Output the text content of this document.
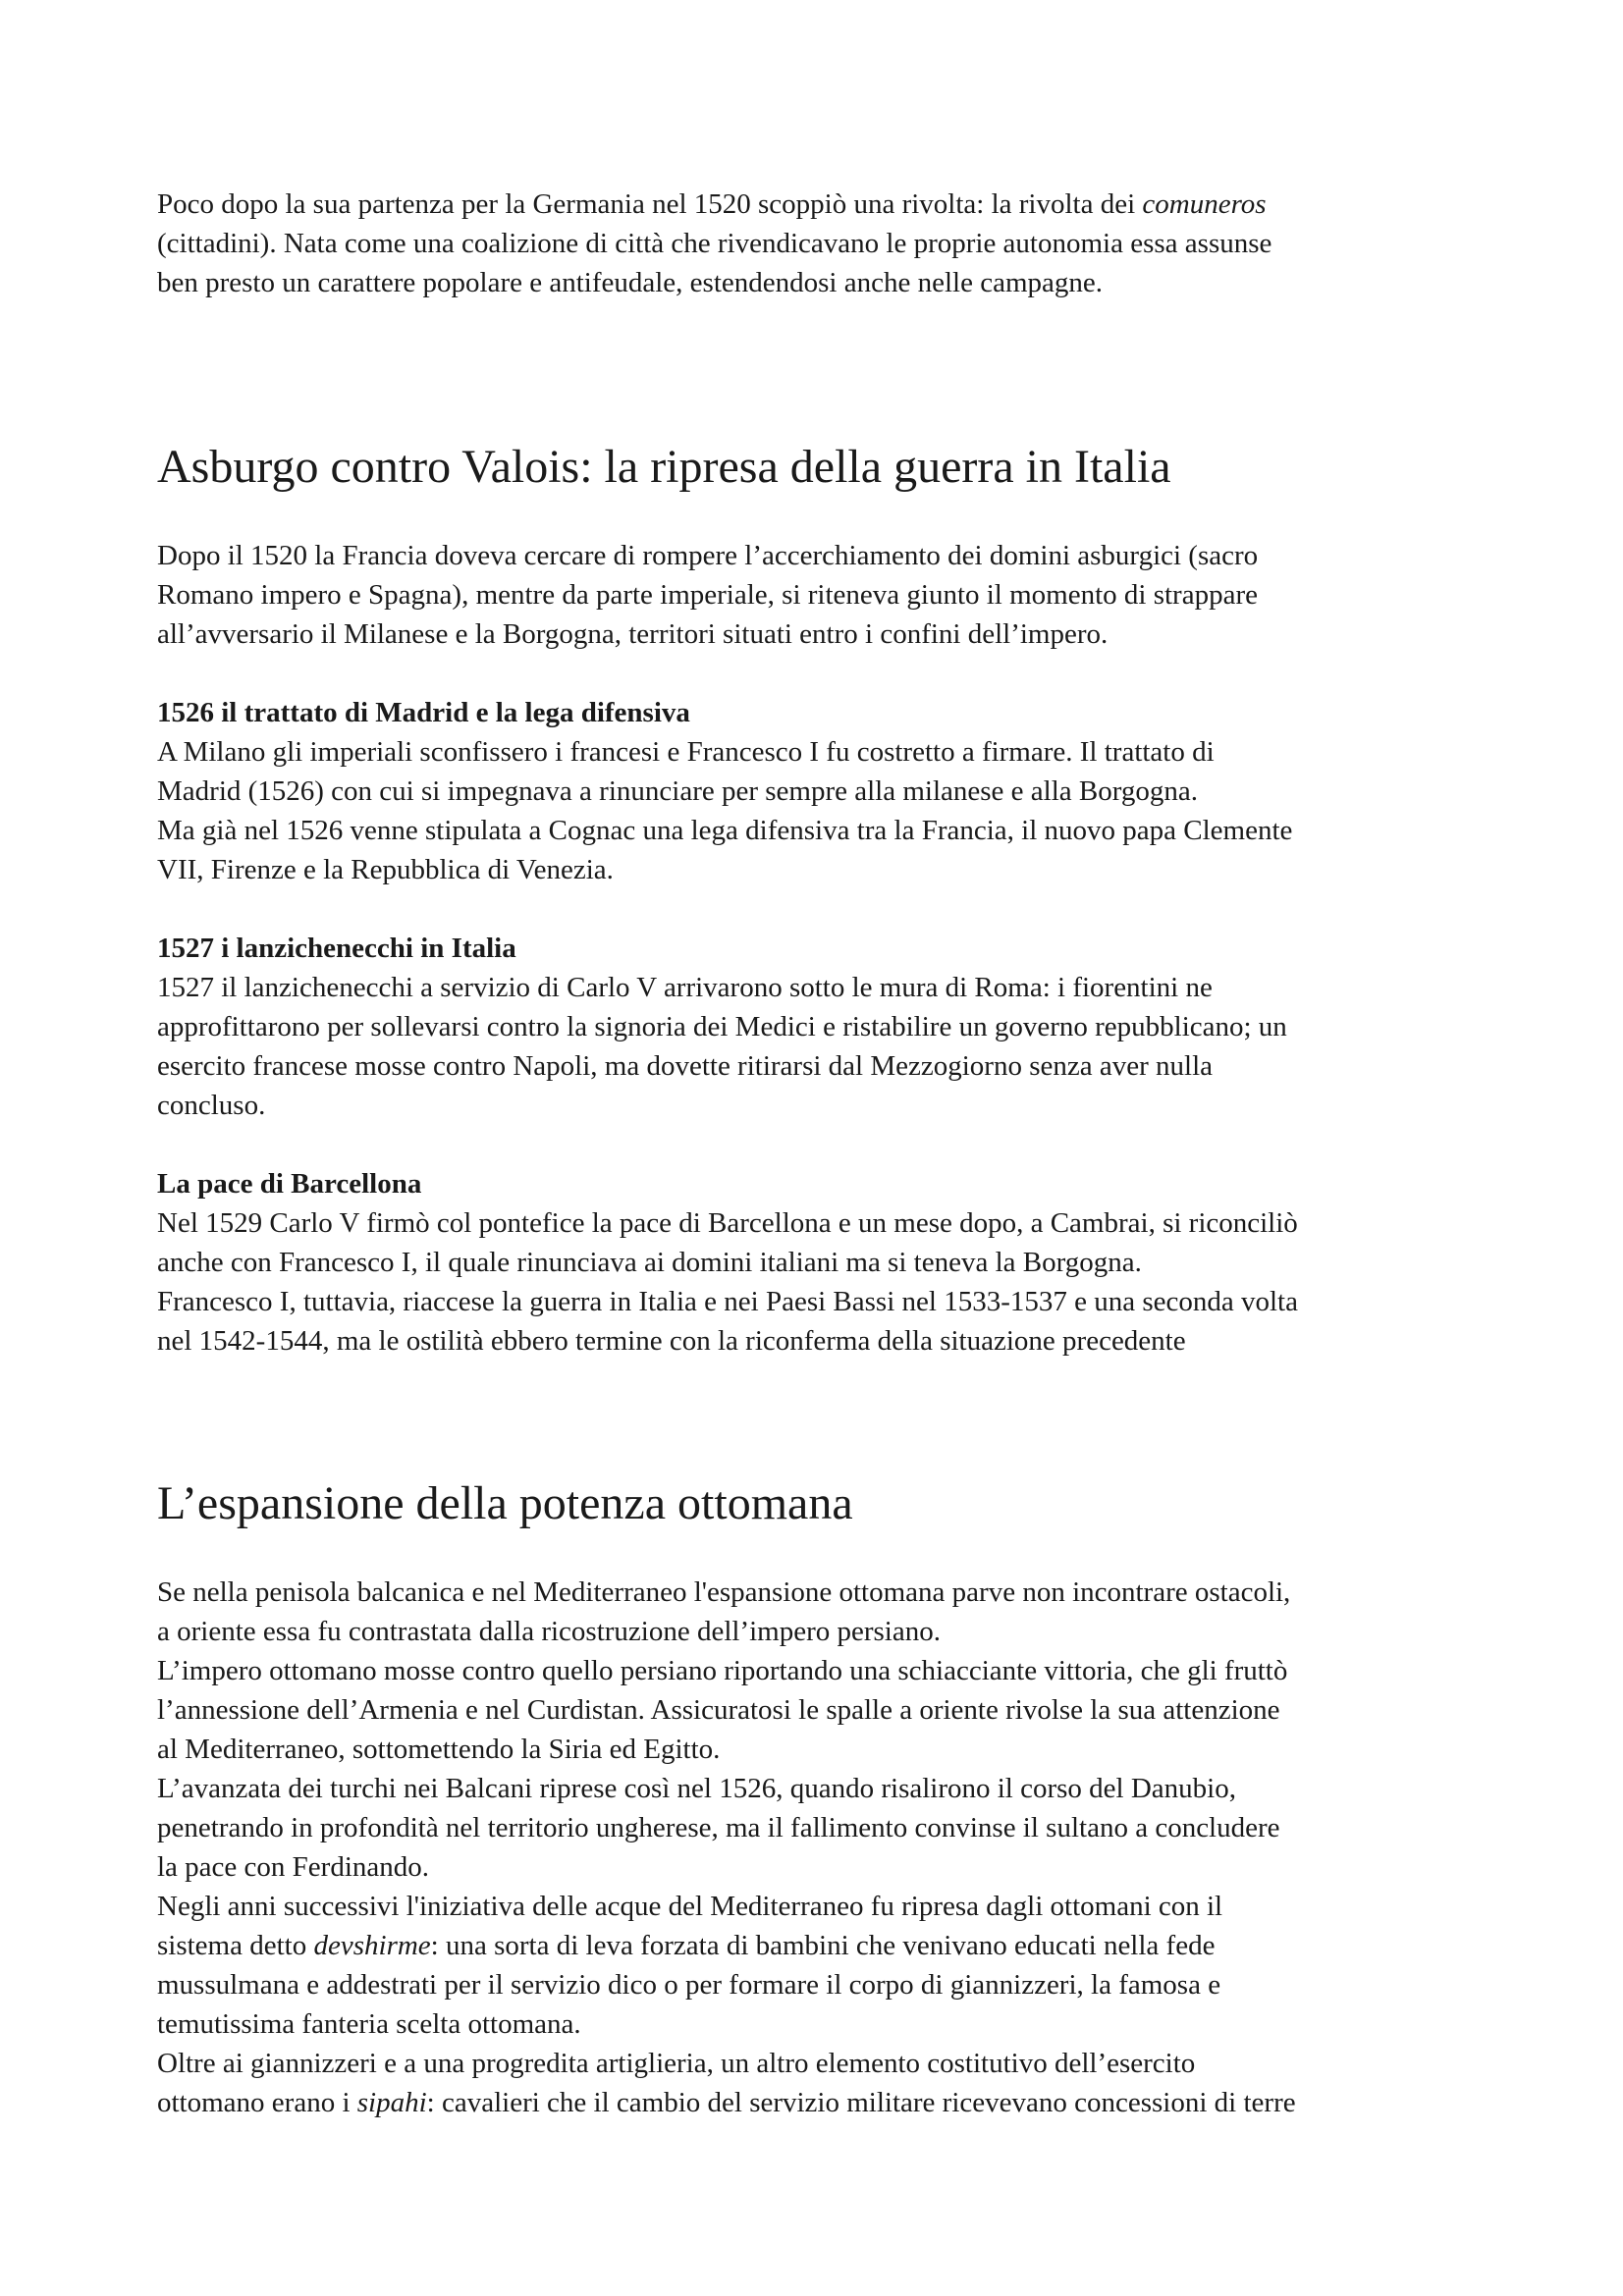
Poco dopo la sua partenza per la Germania nel 1520 scoppiò una rivolta: la rivolta dei comuneros

(cittadini). Nata come una coalizione di città che rivendicavano le proprie autonomia essa assunse

ben presto un carattere popolare e antifeudale, estendendosi anche nelle campagne.

Asburgo contro Valois: la ripresa della guerra in Italia

Dopo il 1520 la Francia doveva cercare di rompere l’accerchiamento dei domini asburgici (sacro

Romano impero e Spagna), mentre da parte imperiale, si riteneva giunto il momento di strappare

all’avversario il Milanese e la Borgogna, territori situati entro i confini dell’impero.

1526 il trattato di Madrid e la lega difensiva

A Milano gli imperiali sconfissero i francesi e Francesco I fu costretto a firmare. Il trattato di

Madrid (1526) con cui si impegnava a rinunciare per sempre alla milanese e alla Borgogna.

Ma già nel 1526 venne stipulata a Cognac una lega difensiva tra la Francia, il nuovo papa Clemente

VII, Firenze e la Repubblica di Venezia.

1527 i lanzichenecchi in Italia

1527 il lanzichenecchi a servizio di Carlo V arrivarono sotto le mura di Roma: i fiorentini ne

approfittarono per sollevarsi contro la signoria dei Medici e ristabilire un governo repubblicano; un

esercito francese mosse contro Napoli, ma dovette ritirarsi dal Mezzogiorno senza aver nulla

concluso.

La pace di Barcellona

Nel 1529 Carlo V firmò col pontefice la pace di Barcellona e un mese dopo, a Cambrai, si riconciliò

anche con Francesco I, il quale rinunciava ai domini italiani ma si teneva la Borgogna.

Francesco I, tuttavia, riaccese la guerra in Italia e nei Paesi Bassi nel 1533-1537 e una seconda volta

nel 1542-1544, ma le ostilità ebbero termine con la riconferma della situazione precedente

L’espansione della potenza ottomana

Se nella penisola balcanica e nel Mediterraneo l'espansione ottomana parve non incontrare ostacoli,

a oriente essa fu contrastata dalla ricostruzione dell’impero persiano.

L’impero ottomano mosse contro quello persiano riportando una schiacciante vittoria, che gli fruttò

l’annessione dell’Armenia e nel Curdistan. Assicuratosi le spalle a oriente rivolse la sua attenzione

al Mediterraneo, sottomettendo la Siria ed Egitto.

L’avanzata dei turchi nei Balcani riprese così nel 1526, quando risalirono il corso del Danubio,

penetrando in profondità nel territorio ungherese, ma il fallimento convinse il sultano a concludere

la pace con Ferdinando.

Negli anni successivi l'iniziativa delle acque del Mediterraneo fu ripresa dagli ottomani con il

sistema detto devshirme: una sorta di leva forzata di bambini che venivano educati nella fede

mussulmana e addestrati per il servizio dico o per formare il corpo di giannizzeri, la famosa e

temutissima fanteria scelta ottomana.

Oltre ai giannizzeri e a una progredita artiglieria, un altro elemento costitutivo dell’esercito

ottomano erano i sipahi: cavalieri che il cambio del servizio militare ricevevano concessioni di terre
